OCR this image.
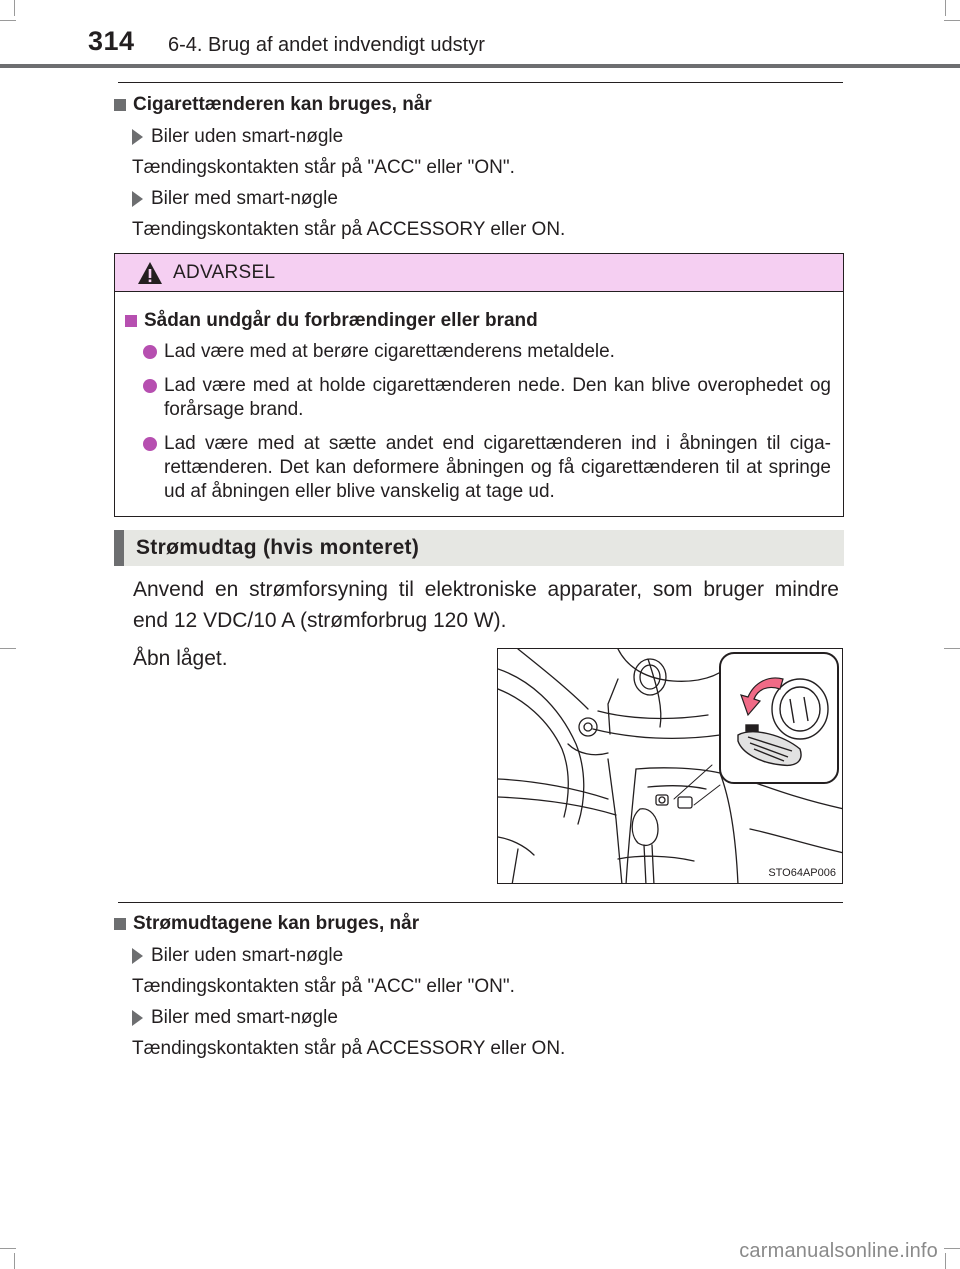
314 6-4. Brug af andet indvendigt udstyr
Cigarettænderen kan bruges, når
Biler uden smart-nøgle
Tændingskontakten står på "ACC" eller "ON".
Biler med smart-nøgle
Tændingskontakten står på ACCESSORY eller ON.
ADVARSEL
Sådan undgår du forbrændinger eller brand
Lad være med at berøre cigarettænderens metaldele.
Lad være med at holde cigarettænderen nede. Den kan blive overophedet og forårsage brand.
Lad være med at sætte andet end cigarettænderen ind i åbningen til ciga-rettænderen. Det kan deformere åbningen og få cigarettænderen til at springe ud af åbningen eller blive vanskelig at tage ud.
Strømudtag (hvis monteret)
Anvend en strømforsyning til elektroniske apparater, som bruger mindre end 12 VDC/10 A (strømforbrug 120 W).
Åbn låget.
STO64AP006
Strømudtagene kan bruges, når
Biler uden smart-nøgle
Tændingskontakten står på "ACC" eller "ON".
Biler med smart-nøgle
Tændingskontakten står på ACCESSORY eller ON.
carmanualsonline.info
